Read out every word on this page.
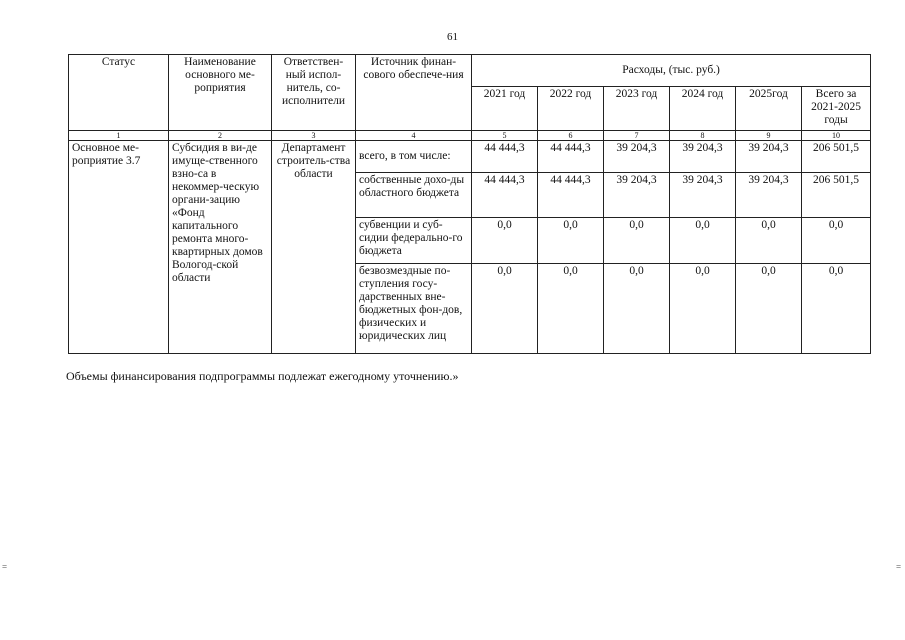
61
Статус	Наименование основного ме-роприятия	Ответствен-ный испол-нитель, со-исполнители	Источник финан-сового обеспече-ния	Расходы, (тыс. руб.)					
				2021 год	2022 год	2023 год	2024 год	2025год	Всего за 2021-2025 годы
1	2	3	4	5	6	7	8	9	10
Основное ме-роприятие 3.7	Субсидия в ви-де имуще-ственного взно-са в некоммер-ческую органи-зацию «Фонд капитального ремонта много-квартирных домов Вологод-ской области	Департамент строитель-ства области	всего, в том числе:	44 444,3	44 444,3	39 204,3	39 204,3	39 204,3	206 501,5
			собственные дохо-ды областного бюджета	44 444,3	44 444,3	39 204,3	39 204,3	39 204,3	206 501,5
			субвенции и суб-сидии федерально-го бюджета	0,0	0,0	0,0	0,0	0,0	0,0
			безвозмездные по-ступления госу-дарственных вне-бюджетных фон-дов, физических и юридических лиц	0,0	0,0	0,0	0,0	0,0	0,0
Объемы финансирования подпрограммы подлежат ежегодному уточнению.»
=	=
